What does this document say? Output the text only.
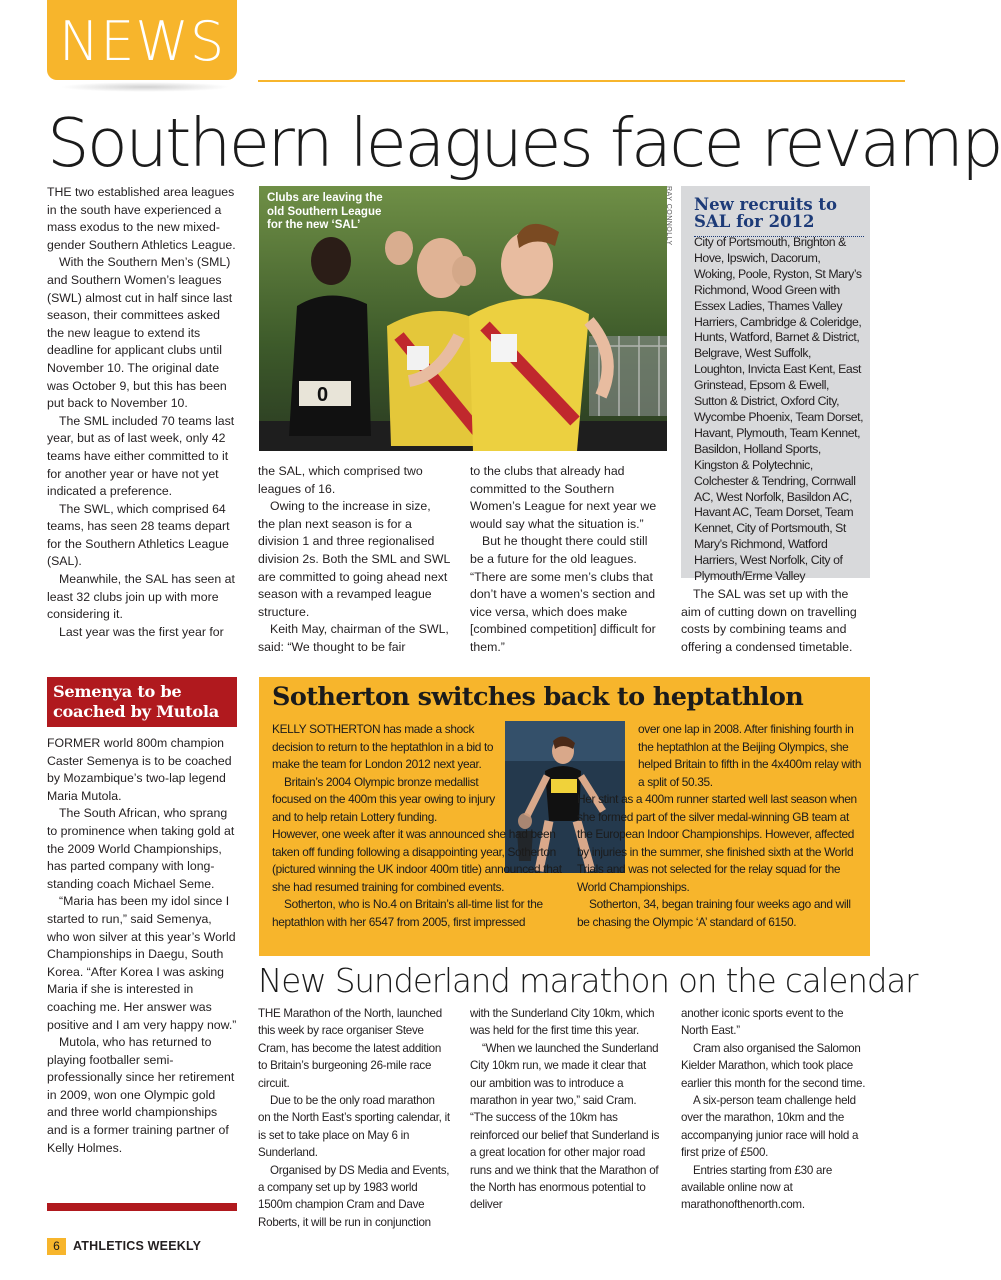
NEWS
Southern leagues face revamp

THE two established area leagues in the south have experienced a mass exodus to the new mixed-gender Southern Athletics League.

With the Southern Men’s (SML) and Southern Women’s leagues (SWL) almost cut in half since last season, their committees asked the new league to extend its deadline for applicant clubs until November 10. The original date was October 9, but this has been put back to November 10.

The SML included 70 teams last year, but as of last week, only 42 teams have either committed to it for another year or have not yet indicated a preference.

The SWL, which comprised 64 teams, has seen 28 teams depart for the Southern Athletics League (SAL).

Meanwhile, the SAL has seen at least 32 clubs join up with more considering it.

Last year was the first year for

the SAL, which comprised two leagues of 16.

Owing to the increase in size, the plan next season is for a division 1 and three regionalised division 2s. Both the SML and SWL are committed to going ahead next season with a revamped league structure.

Keith May, chairman of the SWL, said: “We thought to be fair

to the clubs that already had committed to the Southern Women’s League for next year we would say what the situation is.”

But he thought there could still be a future for the old leagues. “There are some men’s clubs that don’t have a women’s section and vice versa, which does make [combined competition] difficult for them.”

The SAL was set up with the aim of cutting down on travelling costs by combining teams and offering a condensed timetable.

0
Clubs are leaving the old Southern League for the new ‘SAL’	RAY CONNOLLY New recruits to SAL for 2012
City of Portsmouth, Brighton & Hove, Ipswich, Dacorum, Woking, Poole, Ryston, St Mary’s Richmond, Wood Green with Essex Ladies, Thames Valley Harriers, Cambridge & Coleridge, Hunts, Watford, Barnet & District, Belgrave, West Suffolk, Loughton, Invicta East Kent, East Grinstead, Epsom & Ewell, Sutton & District, Oxford City, Wycombe Phoenix, Team Dorset, Havant, Plymouth, Team Kennet, Basildon, Holland Sports, Kingston & Polytechnic, Colchester & Tendring, Cornwall AC, West Norfolk, Basildon AC, Havant AC, Team Dorset, Team Kennet, City of Portsmouth, St Mary’s Richmond, Watford Harriers, West Norfolk, City of Plymouth/Erme Valley
Semenya to be coached by Mutola

FORMER world 800m champion Caster Semenya is to be coached by Mozambique’s two-lap legend Maria Mutola.

The South African, who sprang to prominence when taking gold at the 2009 World Championships, has parted company with long-standing coach Michael Seme.

“Maria has been my idol since I started to run,” said Semenya, who won silver at this year’s World Championships in Daegu, South Korea. “After Korea I was asking Maria if she is interested in coaching me. Her answer was positive and I am very happy now.”

Mutola, who has returned to playing footballer semi-professionally since her retirement in 2009, won one Olympic gold and three world championships and is a former training partner of Kelly Holmes.

Sotherton switches back to heptathlon

KELLY SOTHERTON has made a shock decision to return to the heptathlon in a bid to make the team for London 2012 next year.

Britain’s 2004 Olympic bronze medallist focused on the 400m this year owing to injury and to help retain Lottery funding.

However, one week after it was announced she had been taken off funding following a disappointing year, Sotherton (pictured winning the UK indoor 400m title) announced that she had resumed training for combined events.

Sotherton, who is No.4 on Britain’s all-time list for the heptathlon with her 6547 from 2005, first impressed

over one lap in 2008. After finishing fourth in the heptathlon at the Beijing Olympics, she helped Britain to fifth in the 4x400m relay with a split of 50.35.

Her stint as a 400m runner started well last season when she formed part of the silver medal-winning GB team at the European Indoor Championships. However, affected by injuries in the summer, she finished sixth at the World Trials and was not selected for the relay squad for the World Championships.

Sotherton, 34, began training four weeks ago and will be chasing the Olympic ‘A’ standard of 6150.

New Sunderland marathon on the calendar

THE Marathon of the North, launched this week by race organiser Steve Cram, has become the latest addition to Britain’s burgeoning 26-mile race circuit.

Due to be the only road marathon on the North East’s sporting calendar, it is set to take place on May 6 in Sunderland.

Organised by DS Media and Events, a company set up by 1983 world 1500m champion Cram and Dave Roberts, it will be run in conjunction

with the Sunderland City 10km, which was held for the first time this year.

“When we launched the Sunderland City 10km run, we made it clear that our ambition was to introduce a marathon in year two,” said Cram. “The success of the 10km has reinforced our belief that Sunderland is a great location for other major road runs and we think that the Marathon of the North has enormous potential to deliver

another iconic sports event to the North East.”

Cram also organised the Salomon Kielder Marathon, which took place earlier this month for the second time.

A six-person team challenge held over the marathon, 10km and the accompanying junior race will hold a first prize of £500.

Entries starting from £30 are available online now at marathonofthenorth.com.

6	ATHLETICS WEEKLY
